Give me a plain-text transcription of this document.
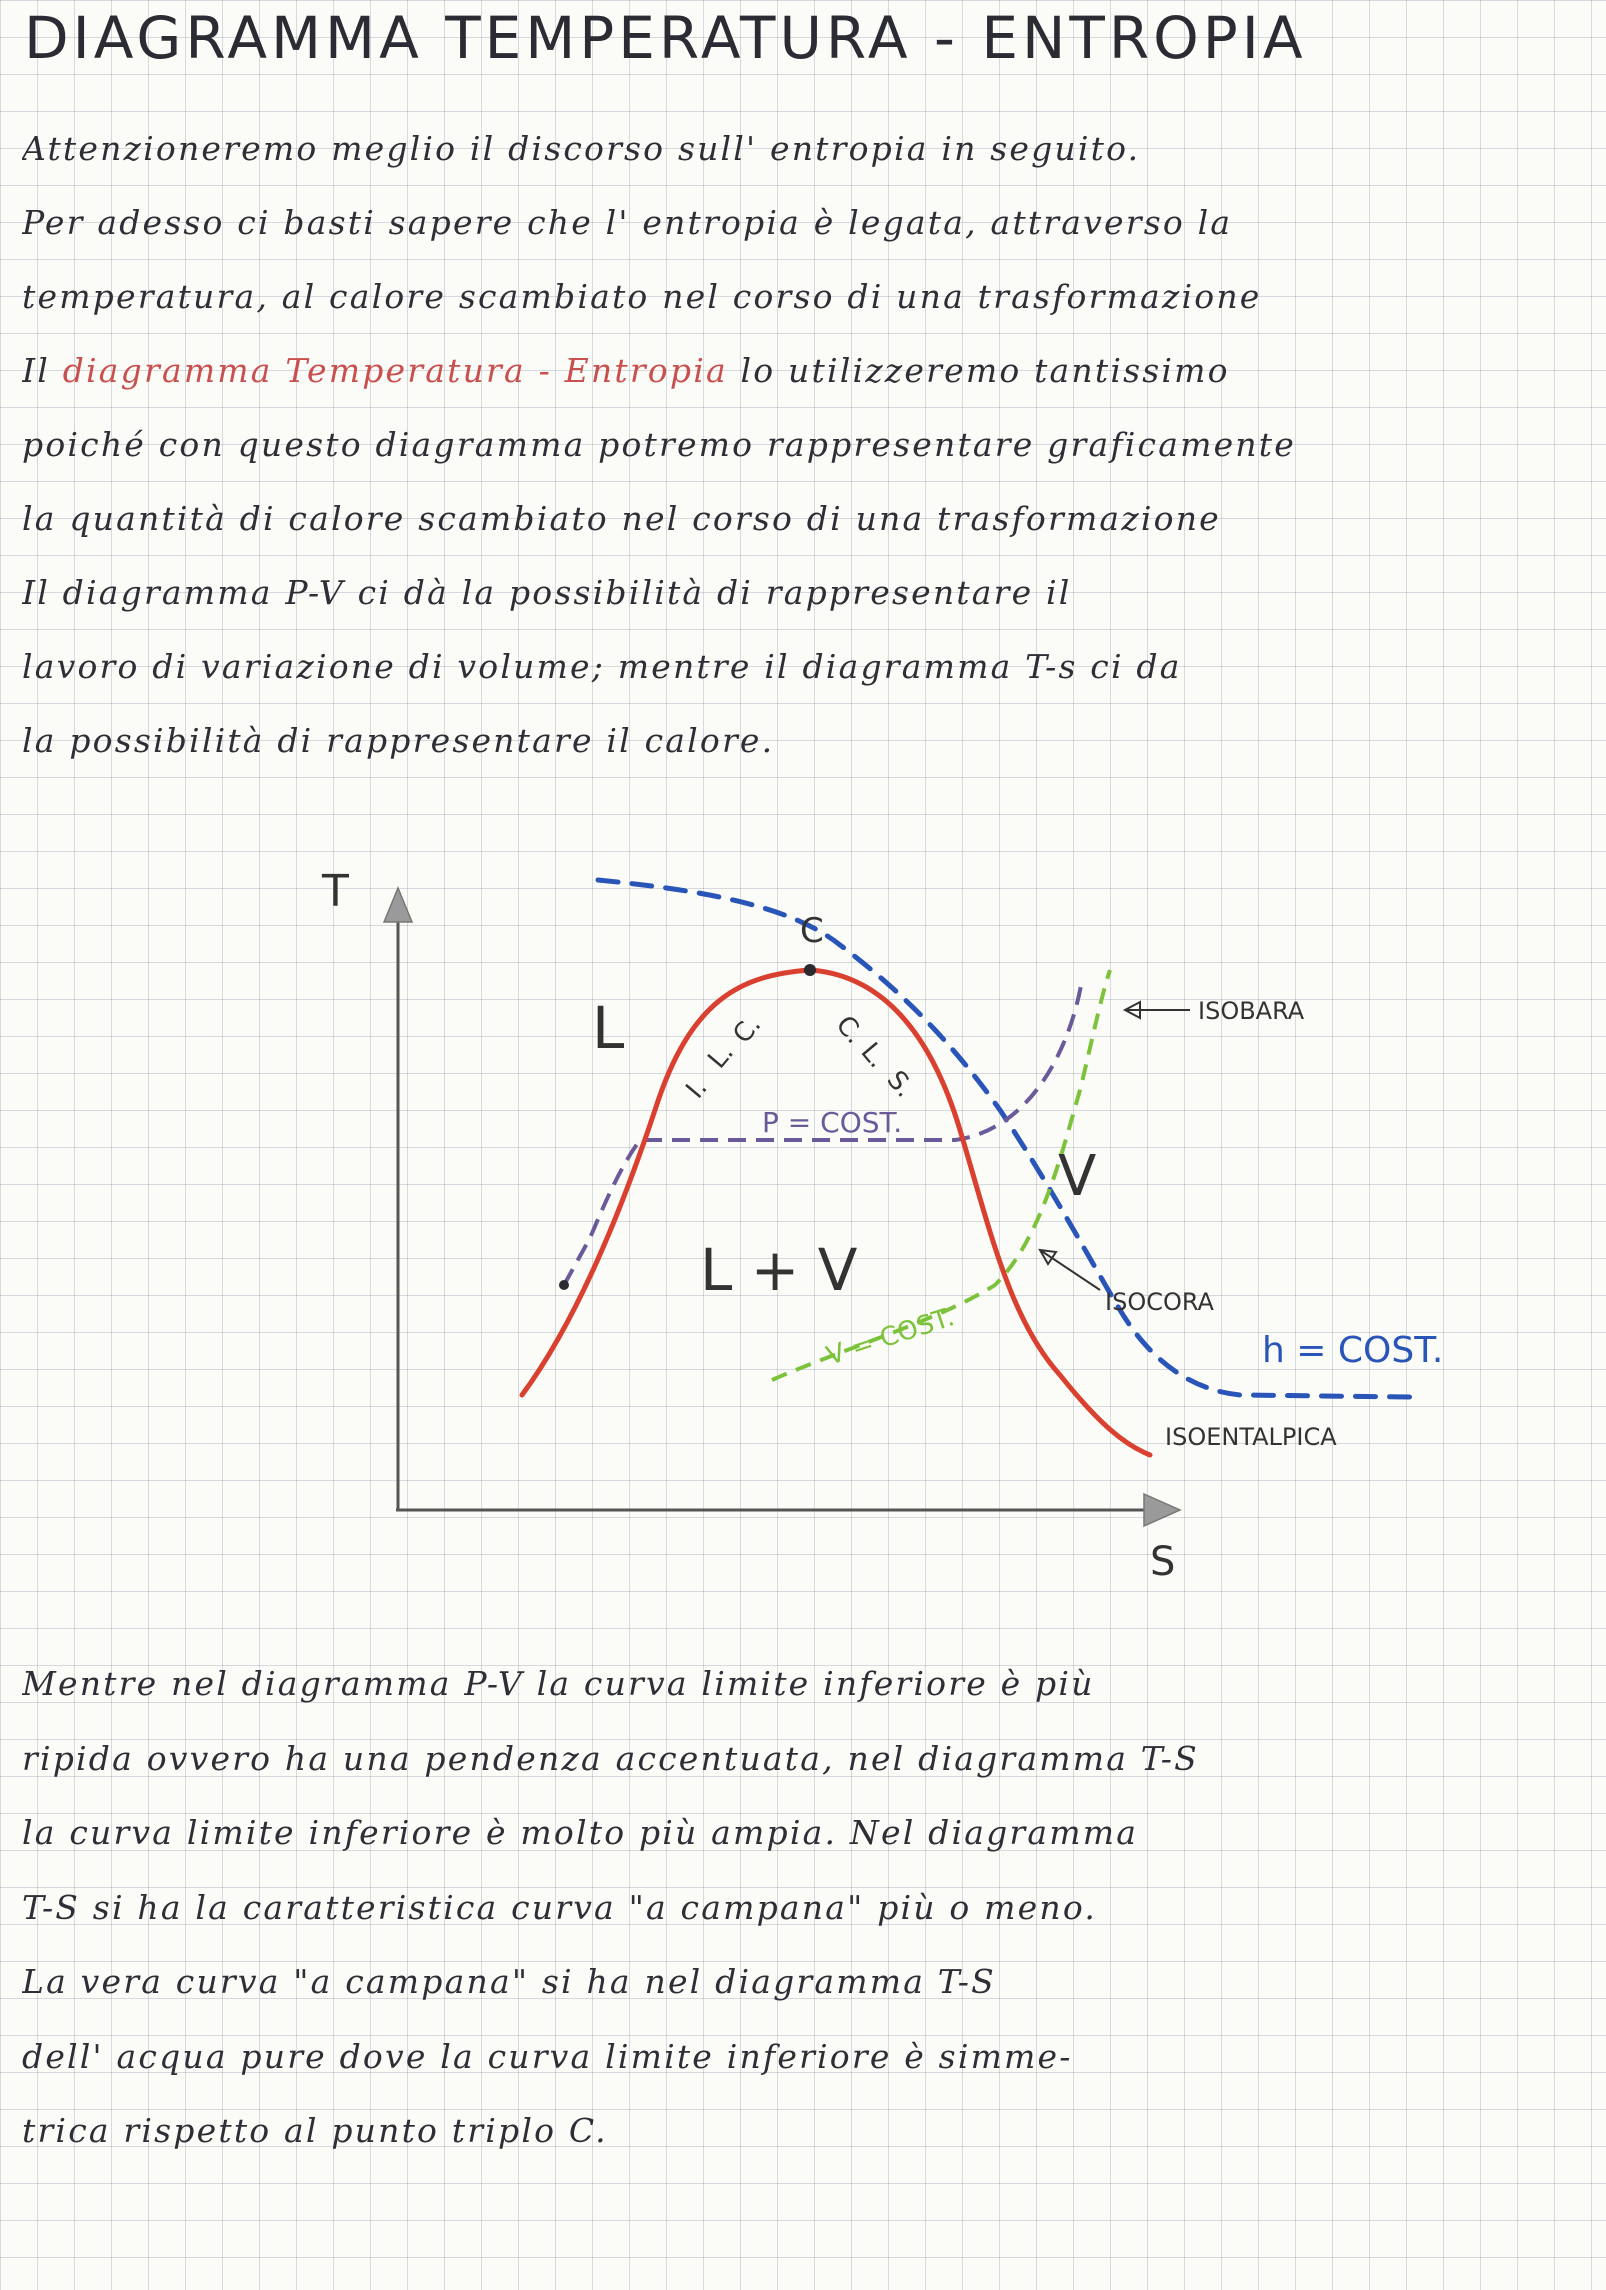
DIAGRAMMA TEMPERATURA - ENTROPIA
Attenzioneremo meglio il discorso sull' entropia in seguito.
Per adesso ci basti sapere che l' entropia è legata, attraverso la
temperatura, al calore scambiato nel corso di una trasformazione
Il diagramma Temperatura - Entropia lo utilizzeremo tantissimo
poiché con questo diagramma potremo rappresentare graficamente
la quantità di calore scambiato nel corso di una trasformazione
Il diagramma P-V ci dà la possibilità di rappresentare il
lavoro di variazione di volume; mentre il diagramma T-s ci da
la possibilità di rappresentare il calore.
T
S
C
L
V
L + V
C.
L.
I.
C.
L.
S.
P = COST.
V = COST.	h = COST.
ISOBARA
ISOCORA
ISOENTALPICA
Mentre nel diagramma P-V la curva limite inferiore è più
ripida ovvero ha una pendenza accentuata, nel diagramma T-S
la curva limite inferiore è molto più ampia. Nel diagramma
T-S si ha la caratteristica curva "a campana" più o meno.
La vera curva "a campana" si ha nel diagramma T-S
dell' acqua pure dove la curva limite inferiore è simme-
trica rispetto al punto triplo C.
